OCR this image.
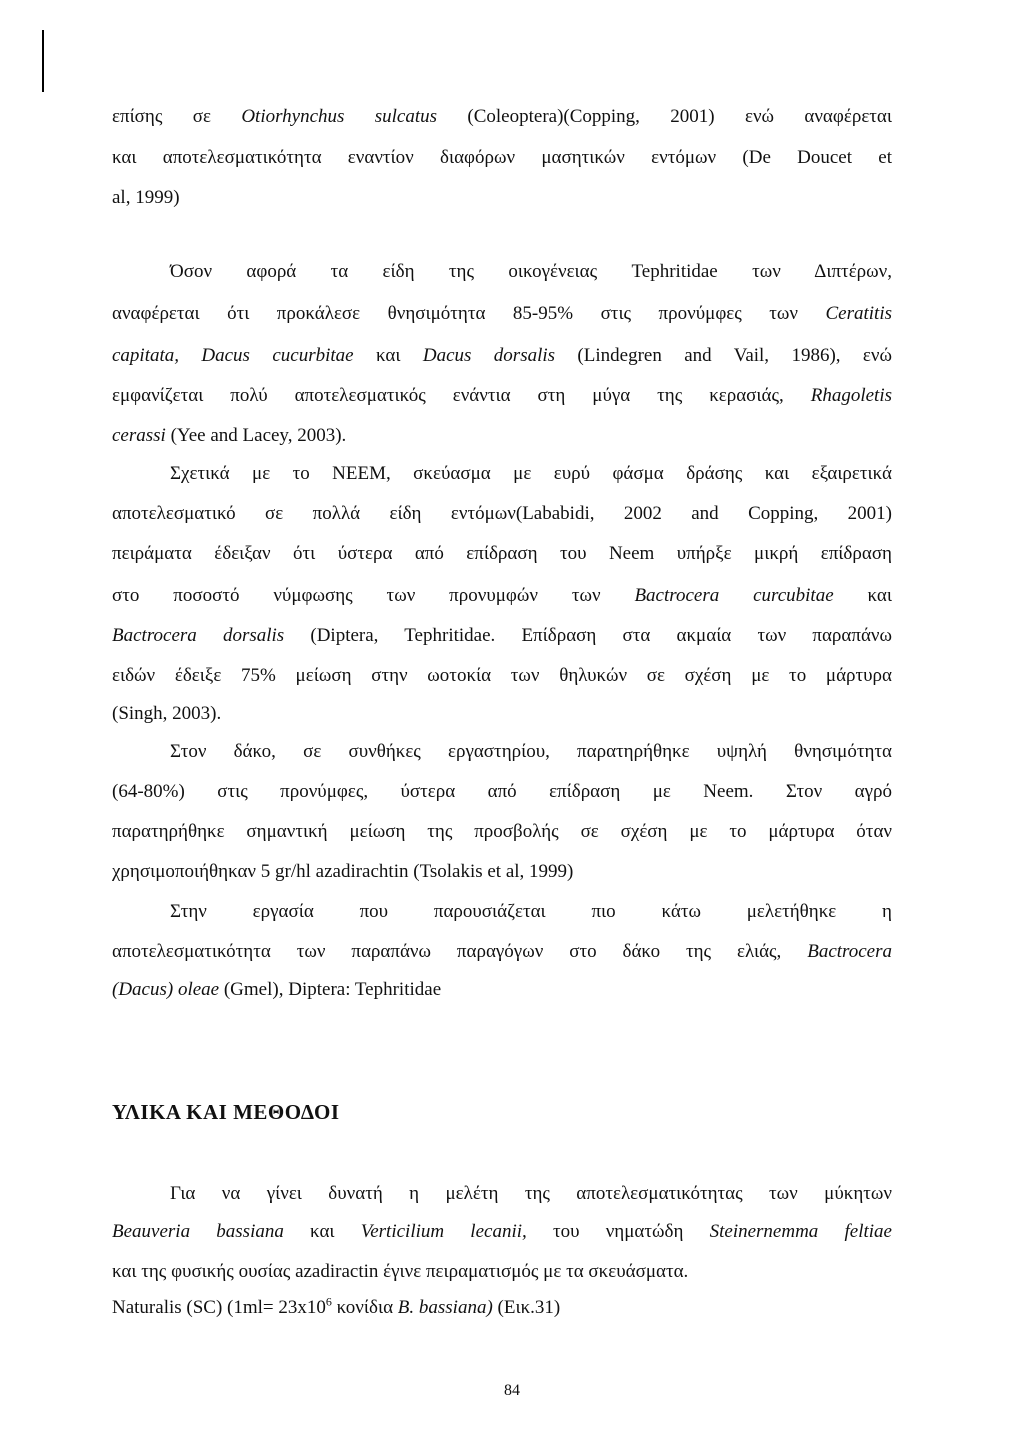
επίσης σε Otiorhynchus sulcatus (Coleoptera)(Copping, 2001) ενώ αναφέρεται

και αποτελεσματικότητα εναντίον διαφόρων μασητικών εντόμων (De Doucet et

al, 1999)

Όσον αφορά τα είδη της οικογένειας Tephritidae των Διπτέρων,

αναφέρεται ότι προκάλεσε θνησιμότητα 85-95% στις προνύμφες των Ceratitis

capitata, Dacus cucurbitae και Dacus dorsalis (Lindegren and Vail, 1986), ενώ

εμφανίζεται πολύ αποτελεσματικός ενάντια στη μύγα της κερασιάς, Rhagoletis

cerassi (Yee and Lacey, 2003).

Σχετικά με το ΝΕΕΜ, σκεύασμα με ευρύ φάσμα δράσης και εξαιρετικά

αποτελεσματικό σε πολλά είδη εντόμων(Lababidi, 2002 and Copping, 2001)

πειράματα έδειξαν ότι ύστερα από επίδραση του Neem υπήρξε μικρή επίδραση

στο ποσοστό νύμφωσης των προνυμφών των Bactrocera curcubitae και

Bactrocera dorsalis (Diptera, Tephritidae. Επίδραση στα ακμαία των παραπάνω

ειδών έδειξε 75% μείωση στην ωοτοκία των θηλυκών σε σχέση με το μάρτυρα

(Singh, 2003).

Στον δάκο, σε συνθήκες εργαστηρίου, παρατηρήθηκε υψηλή θνησιμότητα

(64-80%) στις προνύμφες, ύστερα από επίδραση με Neem. Στον αγρό

παρατηρήθηκε σημαντική μείωση της προσβολής σε σχέση με το μάρτυρα όταν

χρησιμοποιήθηκαν 5 gr/hl azadirachtin (Tsolakis et al, 1999)

Στην εργασία που παρουσιάζεται πιο κάτω μελετήθηκε η

αποτελεσματικότητα των παραπάνω παραγόγων στο δάκο της ελιάς, Bactrocera

(Dacus) oleae (Gmel), Diptera: Tephritidae

ΥΛΙΚΑ ΚΑΙ ΜΕΘΟΔΟΙ

Για να γίνει δυνατή η μελέτη της αποτελεσματικότητας των μύκητων

Beauveria bassiana και Verticilium lecanii, του νηματώδη Steinernemma feltiae

και της φυσικής ουσίας azadiractin έγινε πειραματισμός με τα σκευάσματα.

Naturalis (SC) ($1ml= 23x10^6$ κονίδια B. bassiana) (Εικ.31)

84
